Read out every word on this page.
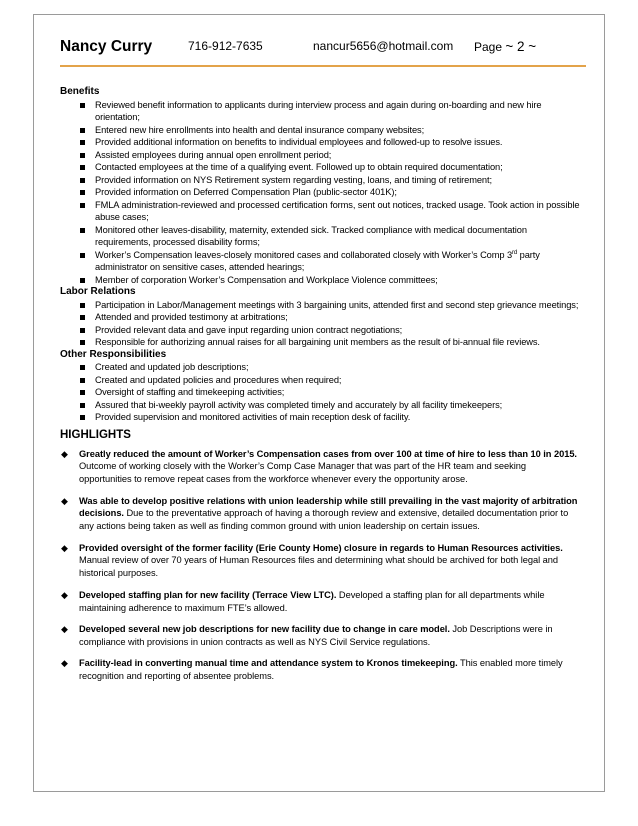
Nancy Curry	716-912-7635	nancur5656@hotmail.com Page ~ 2 ~
Benefits
Reviewed benefit information to applicants during interview process and again during on-boarding and new hire orientation;
Entered new hire enrollments into health and dental insurance company websites;
Provided additional information on benefits to individual employees and followed-up to resolve issues.
Assisted employees during annual open enrollment period;
Contacted employees at the time of a qualifying event. Followed up to obtain required documentation;
Provided information on NYS Retirement system regarding vesting, loans, and timing of retirement;
Provided information on Deferred Compensation Plan (public-sector 401K);
FMLA administration-reviewed and processed certification forms, sent out notices, tracked usage. Took action in possible abuse cases;
Monitored other leaves-disability, maternity, extended sick. Tracked compliance with medical documentation requirements, processed disability forms;
Worker’s Compensation leaves-closely monitored cases and collaborated closely with Worker’s Comp 3rd party administrator on sensitive cases, attended hearings;
Member of corporation Worker’s Compensation and Workplace Violence committees;
Labor Relations
Participation in Labor/Management meetings with 3 bargaining units, attended first and second step grievance meetings;
Attended and provided testimony at arbitrations;
Provided relevant data and gave input regarding union contract negotiations;
Responsible for authorizing annual raises for all bargaining unit members as the result of bi-annual file reviews.
Other Responsibilities
Created and updated job descriptions;
Created and updated policies and procedures when required;
Oversight of staffing and timekeeping activities;
Assured that bi-weekly payroll activity was completed timely and accurately by all facility timekeepers;
Provided supervision and monitored activities of main reception desk of facility.
HIGHLIGHTS
◆ Greatly reduced the amount of Worker’s Compensation cases from over 100 at time of hire to less than 10 in 2015. Outcome of working closely with the Worker’s Comp Case Manager that was part of the HR team and seeking opportunities to remove repeat cases from the workforce whenever every the opportunity arose.
◆ Was able to develop positive relations with union leadership while still prevailing in the vast majority of arbitration decisions. Due to the preventative approach of having a thorough review and extensive, detailed documentation prior to any actions being taken as well as finding common ground with union leadership on certain issues.
◆ Provided oversight of the former facility (Erie County Home) closure in regards to Human Resources activities. Manual review of over 70 years of Human Resources files and determining what should be archived for both legal and historical purposes.
◆ Developed staffing plan for new facility (Terrace View LTC). Developed a staffing plan for all departments while maintaining adherence to maximum FTE’s allowed.
◆ Developed several new job descriptions for new facility due to change in care model. Job Descriptions were in compliance with provisions in union contracts as well as NYS Civil Service regulations.
◆ Facility-lead in converting manual time and attendance system to Kronos timekeeping. This enabled more timely recognition and reporting of absentee problems.
